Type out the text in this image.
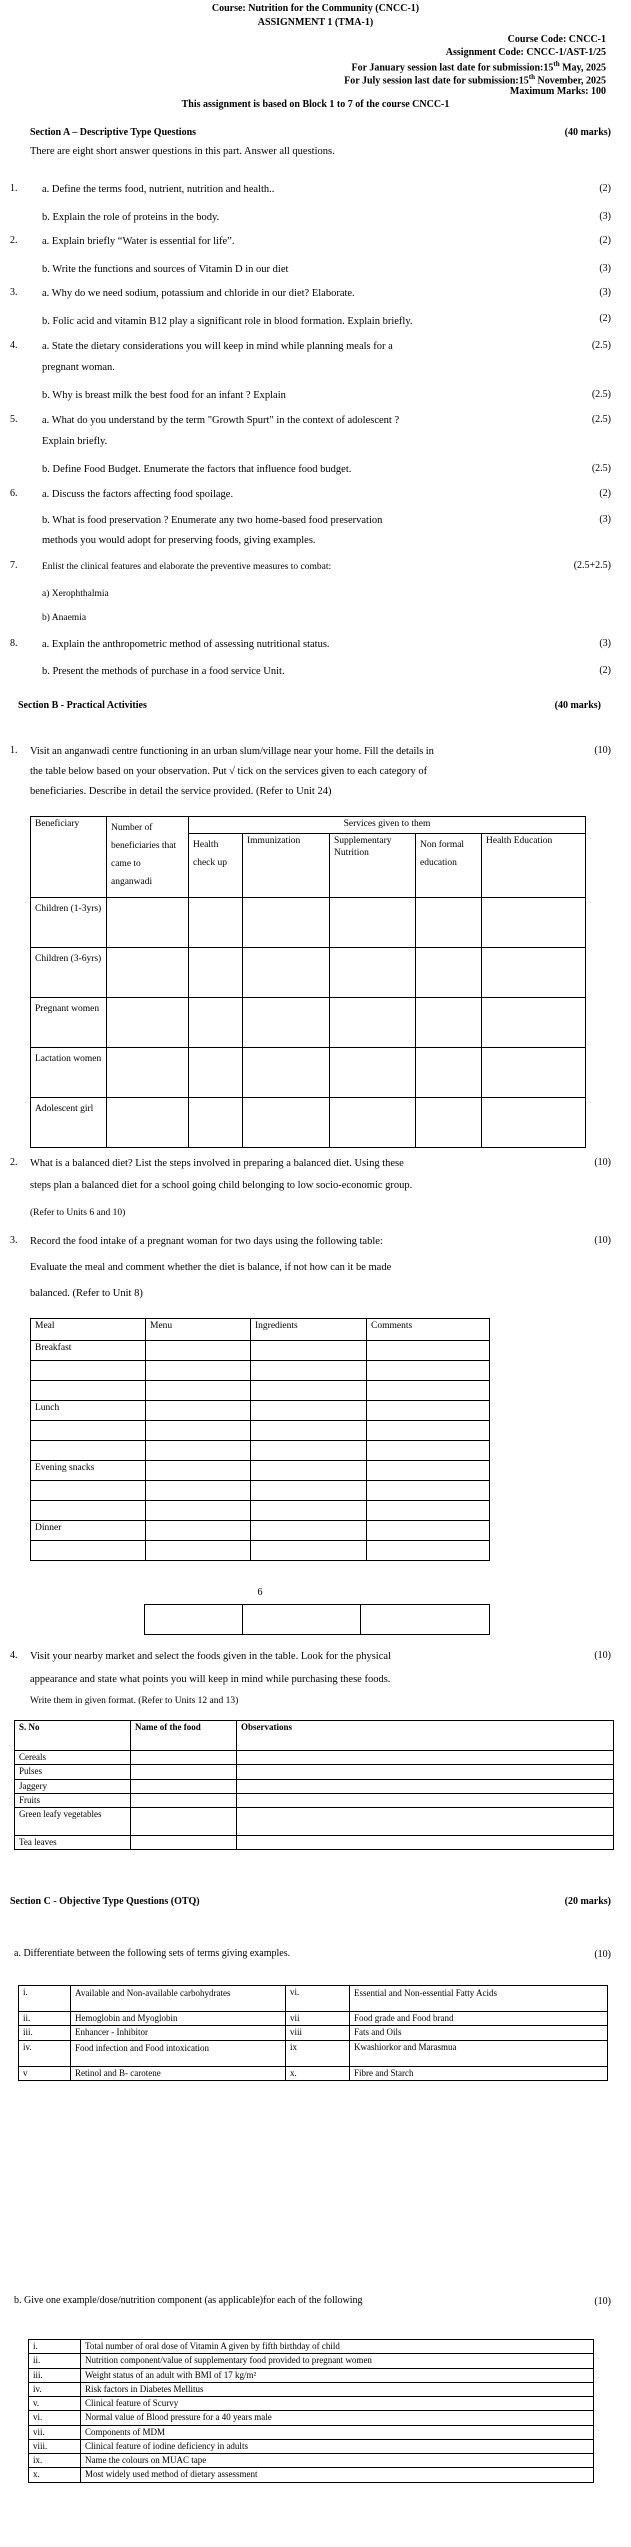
Course: Nutrition for the Community (CNCC-1)
ASSIGNMENT 1 (TMA-1)
Course Code: CNCC-1
Assignment Code: CNCC-1/AST-1/25
For January session last date for submission:15th May, 2025
For July session last date for submission:15th November, 2025
Maximum Marks: 100
This assignment is based on Block 1 to 7 of the course CNCC-1
Section A – Descriptive Type Questions	(40 marks)
There are eight short answer questions in this part. Answer all questions.
1. a. Define the terms food, nutrient, nutrition and health..	(2)
b. Explain the role of proteins in the body.	(3)
2. a. Explain briefly “Water is essential for life”.	(2)
b. Write the functions and sources of Vitamin D in our diet	(3)
3. a. Why do we need sodium, potassium and chloride in our diet? Elaborate.	(3)
b. Folic acid and vitamin B12 play a significant role in blood formation. Explain briefly.	(2)
4. a. State the dietary considerations you will keep in mind while planning meals for a	(2.5)
pregnant woman.
b. Why is breast milk the best food for an infant ? Explain	(2.5)
5. a. What do you understand by the term "Growth Spurt" in the context of adolescent ?	(2.5)
Explain briefly.
b. Define Food Budget. Enumerate the factors that influence food budget.	(2.5)
6. a. Discuss the factors affecting food spoilage.	(2)
b. What is food preservation ? Enumerate any two home-based food preservation	(3)
methods you would adopt for preserving foods, giving examples.
7.	Enlist the clinical features and elaborate the preventive measures to combat:	(2.5+2.5)
a) Xerophthalmia
b) Anaemia
8. a. Explain the anthropometric method of assessing nutritional status.	(3)
b. Present the methods of purchase in a food service Unit.	(2)
Section B - Practical Activities	(40 marks)
1. Visit an anganwadi centre functioning in an urban slum/village near your home. Fill the details in	(10)
the table below based on your observation. Put √ tick on the services given to each category of
beneficiaries. Describe in detail the service provided. (Refer to Unit 24)
Beneficiary	Number of beneficiaries that came to anganwadi	Services given to them				
		Health check up	Immunization	Supplementary Nutrition	Non formal education	Health Education
Children (1-3yrs)						
Children (3-6yrs)						
Pregnant women						
Lactation women						
Adolescent girl						
2. What is a balanced diet? List the steps involved in preparing a balanced diet. Using these	(10)
steps plan a balanced diet for a school going child belonging to low socio-economic group.
(Refer to Units 6 and 10)
3. Record the food intake of a pregnant woman for two days using the following table:	(10)
Evaluate the meal and comment whether the diet is balance, if not how can it be made
balanced. (Refer to Unit 8)
Meal	Menu	Ingredients	Comments
Breakfast			

Lunch			

Evening snacks			

Dinner			

6

4. Visit your nearby market and select the foods given in the table. Look for the physical	(10)
appearance and state what points you will keep in mind while purchasing these foods.
Write them in given format. (Refer to Units 12 and 13)
S. No	Name of the food	Observations
Cereals		
Pulses		
Jaggery		
Fruits		

Green leafy vegetables		

Tea leaves		
Section C - Objective Type Questions (OTQ)	(20 marks)
a. Differentiate between the following sets of terms giving examples.	(10)
i.	Available and Non-available carbohydrates	vi.	Essential and Non-essential Fatty Acids
ii.	Hemoglobin and Myoglobin	vii	Food grade and Food brand
iii.	Enhancer - Inhibitor	viii	Fats and Oils
iv.	Food infection and Food intoxication	ix	Kwashiorkor and Marasmua
v	Retinol and B- carotene	x.	Fibre and Starch
b. Give one example/dose/nutrition component (as applicable)for each of the following	(10)
i.	Total number of oral dose of Vitamin A given by fifth birthday of child
ii.	Nutrition component/value of supplementary food provided to pregnant women
iii.	Weight status of an adult with BMI of 17 kg/m²
iv.	Risk factors in Diabetes Mellitus
v.	Clinical feature of Scurvy
vi.	Normal value of Blood pressure for a 40 years male
vii.	Components of MDM
viii.	Clinical feature of iodine deficiency in adults
ix.	Name the colours on MUAC tape
x.	Most widely used method of dietary assessment
